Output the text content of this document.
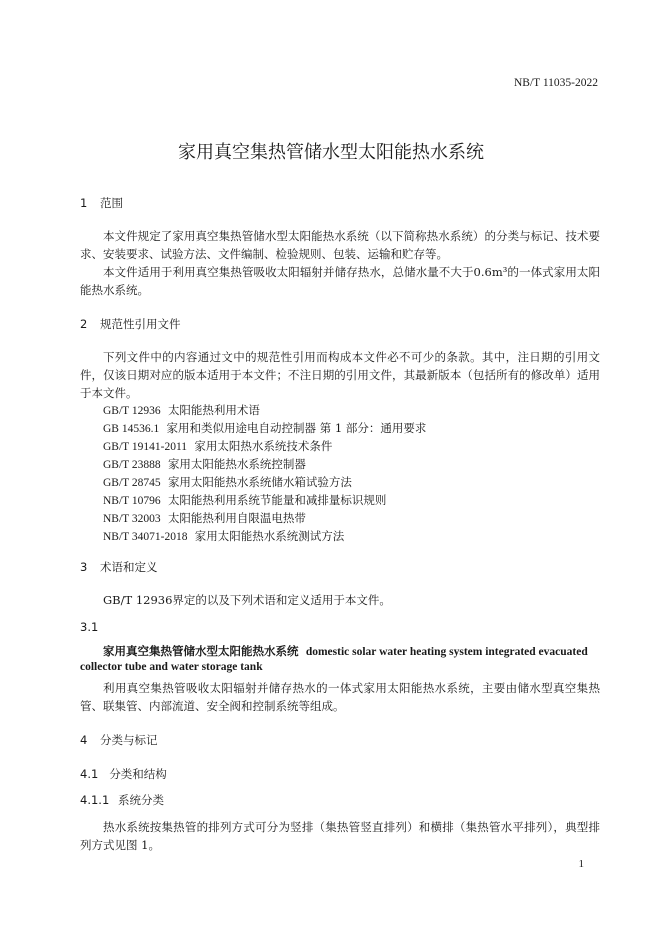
NB/T 11035-2022
家用真空集热管储水型太阳能热水系统
1 范围

本文件规定了家用真空集热管储水型太阳能热水系统（以下简称热水系统）的分类与标记、技术要求、安装要求、试验方法、文件编制、检验规则、包装、运输和贮存等。

本文件适用于利用真空集热管吸收太阳辐射并储存热水，总储水量不大于0.6m³的一体式家用太阳能热水系统。

2 规范性引用文件

下列文件中的内容通过文中的规范性引用而构成本文件必不可少的条款。其中，注日期的引用文件，仅该日期对应的版本适用于本文件；不注日期的引用文件，其最新版本（包括所有的修改单）适用于本文件。

GB/T 12936 太阳能热利用术语
GB 14536.1 家用和类似用途电自动控制器 第 1 部分：通用要求
GB/T 19141-2011 家用太阳热水系统技术条件
GB/T 23888 家用太阳能热水系统控制器
GB/T 28745 家用太阳能热水系统储水箱试验方法
NB/T 10796 太阳能热利用系统节能量和减排量标识规则
NB/T 32003 太阳能热利用自限温电热带
NB/T 34071-2018 家用太阳能热水系统测试方法
3 术语和定义

GB/T 12936界定的以及下列术语和定义适用于本文件。

3.1
家用真空集热管储水型太阳能热水系统 domestic solar water heating system integrated evacuated
collector tube and water storage tank

利用真空集热管吸收太阳辐射并储存热水的一体式家用太阳能热水系统，主要由储水型真空集热管、联集管、内部流道、安全阀和控制系统等组成。

4 分类与标记
4.1 分类和结构
4.1.1 系统分类

热水系统按集热管的排列方式可分为竖排（集热管竖直排列）和横排（集热管水平排列），典型排列方式见图 1。

1
